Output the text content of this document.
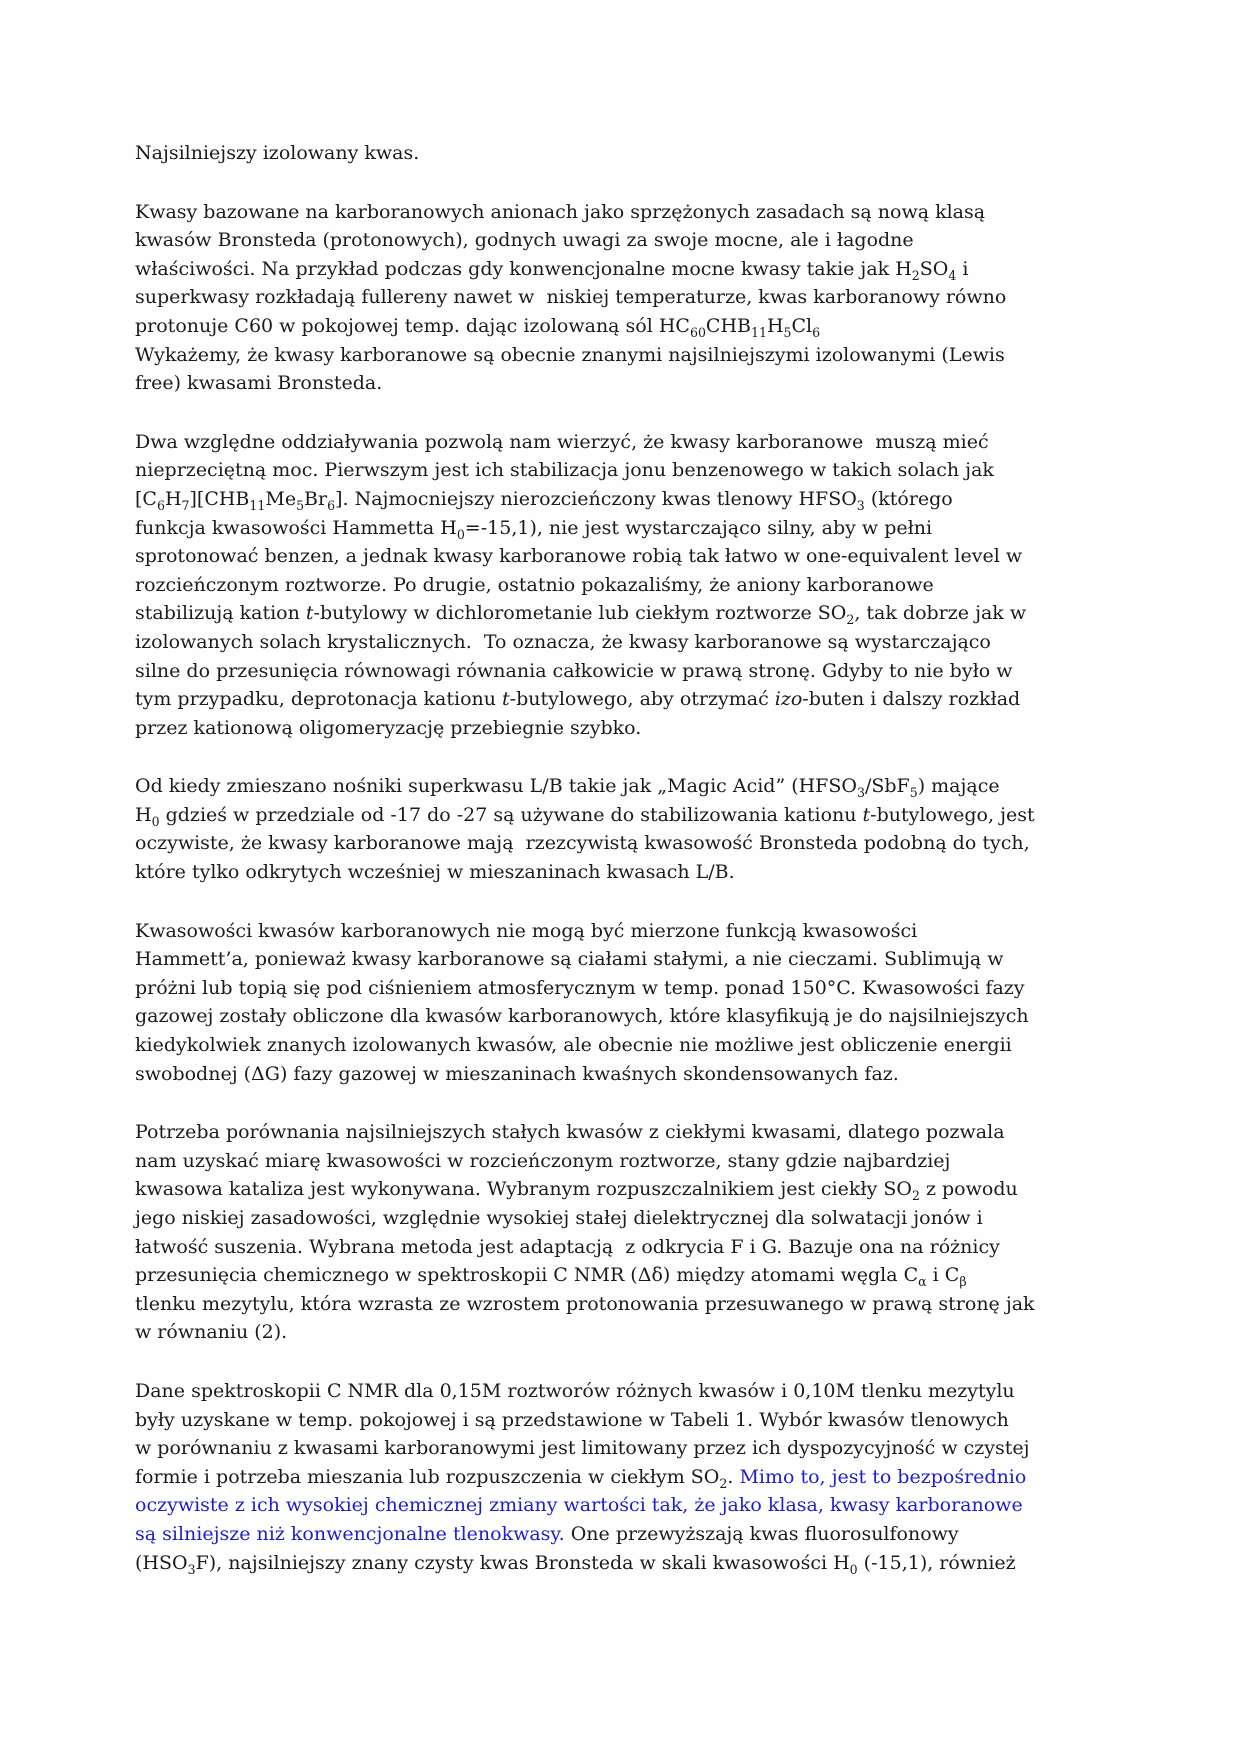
Najsilniejszy izolowany kwas.
Kwasy bazowane na karboranowych anionach jako sprzężonych zasadach są nową klasą
kwasów Bronsteda (protonowych), godnych uwagi za swoje mocne, ale i łagodne
właściwości. Na przykład podczas gdy konwencjonalne mocne kwasy takie jak $H_2SO_4$ i
superkwasy rozkładają fullereny nawet w  niskiej temperaturze, kwas karboranowy równo
protonuje C60 w pokojowej temp. dając izolowaną sól $HC_{60}CHB_{11}H_5Cl_6$
Wykażemy, że kwasy karboranowe są obecnie znanymi najsilniejszymi izolowanymi (Lewis
free) kwasami Bronsteda.
Dwa względne oddziaływania pozwolą nam wierzyć, że kwasy karboranowe  muszą mieć
nieprzeciętną moc. Pierwszym jest ich stabilizacja jonu benzenowego w takich solach jak
$[C_6H_7][CHB_{11}Me_5Br_6]$. Najmocniejszy nierozcieńczony kwas tlenowy $HFSO_3$ (którego
funkcja kwasowości Hammetta $H_0=-15,1$), nie jest wystarczająco silny, aby w pełni
sprotonować benzen, a jednak kwasy karboranowe robią tak łatwo w one-equivalent level w
rozcieńczonym roztworze. Po drugie, ostatnio pokazaliśmy, że aniony karboranowe
stabilizują kation t-butylowy w dichlorometanie lub ciekłym roztworze $SO_2$, tak dobrze jak w
izolowanych solach krystalicznych.  To oznacza, że kwasy karboranowe są wystarczająco
silne do przesunięcia równowagi równania całkowicie w prawą stronę. Gdyby to nie było w
tym przypadku, deprotonacja kationu t-butylowego, aby otrzymać izo-buten i dalszy rozkład
przez kationową oligomeryzację przebiegnie szybko.
Od kiedy zmieszano nośniki superkwasu L/B takie jak „Magic Acid” $(HFSO_3/SbF_5)$ mające
$H_0$ gdzieś w przedziale od -17 do -27 są używane do stabilizowania kationu t-butylowego, jest
oczywiste, że kwasy karboranowe mają  rzezcywistą kwasowość Bronsteda podobną do tych,
które tylko odkrytych wcześniej w mieszaninach kwasach L/B.
Kwasowości kwasów karboranowych nie mogą być mierzone funkcją kwasowości
Hammett’a, ponieważ kwasy karboranowe są ciałami stałymi, a nie cieczami. Sublimują w
próżni lub topią się pod ciśnieniem atmosferycznym w temp. ponad 150°C. Kwasowości fazy
gazowej zostały obliczone dla kwasów karboranowych, które klasyfikują je do najsilniejszych
kiedykolwiek znanych izolowanych kwasów, ale obecnie nie możliwe jest obliczenie energii
swobodnej (ΔG) fazy gazowej w mieszaninach kwaśnych skondensowanych faz.
Potrzeba porównania najsilniejszych stałych kwasów z ciekłymi kwasami, dlatego pozwala
nam uzyskać miarę kwasowości w rozcieńczonym roztworze, stany gdzie najbardziej
kwasowa kataliza jest wykonywana. Wybranym rozpuszczalnikiem jest ciekły $SO_2$ z powodu
jego niskiej zasadowości, względnie wysokiej stałej dielektrycznej dla solwatacji jonów i
łatwość suszenia. Wybrana metoda jest adaptacją  z odkrycia F i G. Bazuje ona na różnicy
przesunięcia chemicznego w spektroskopii C NMR (Δδ) między atomami węgla $C_\alpha$ i $C_\beta$
tlenku mezytylu, która wzrasta ze wzrostem protonowania przesuwanego w prawą stronę jak
w równaniu (2).
Dane spektroskopii C NMR dla 0,15M roztworów różnych kwasów i 0,10M tlenku mezytylu
były uzyskane w temp. pokojowej i są przedstawione w Tabeli 1. Wybór kwasów tlenowych
w porównaniu z kwasami karboranowymi jest limitowany przez ich dyspozycyjność w czystej
formie i potrzeba mieszania lub rozpuszczenia w ciekłym $SO_2$. Mimo to, jest to bezpośrednio
oczywiste z ich wysokiej chemicznej zmiany wartości tak, że jako klasa, kwasy karboranowe
są silniejsze niż konwencjonalne tlenokwasy. One przewyższają kwas fluorosulfonowy
$(HSO_3F)$, najsilniejszy znany czysty kwas Bronsteda w skali kwasowości $H_0$ (-15,1), również
